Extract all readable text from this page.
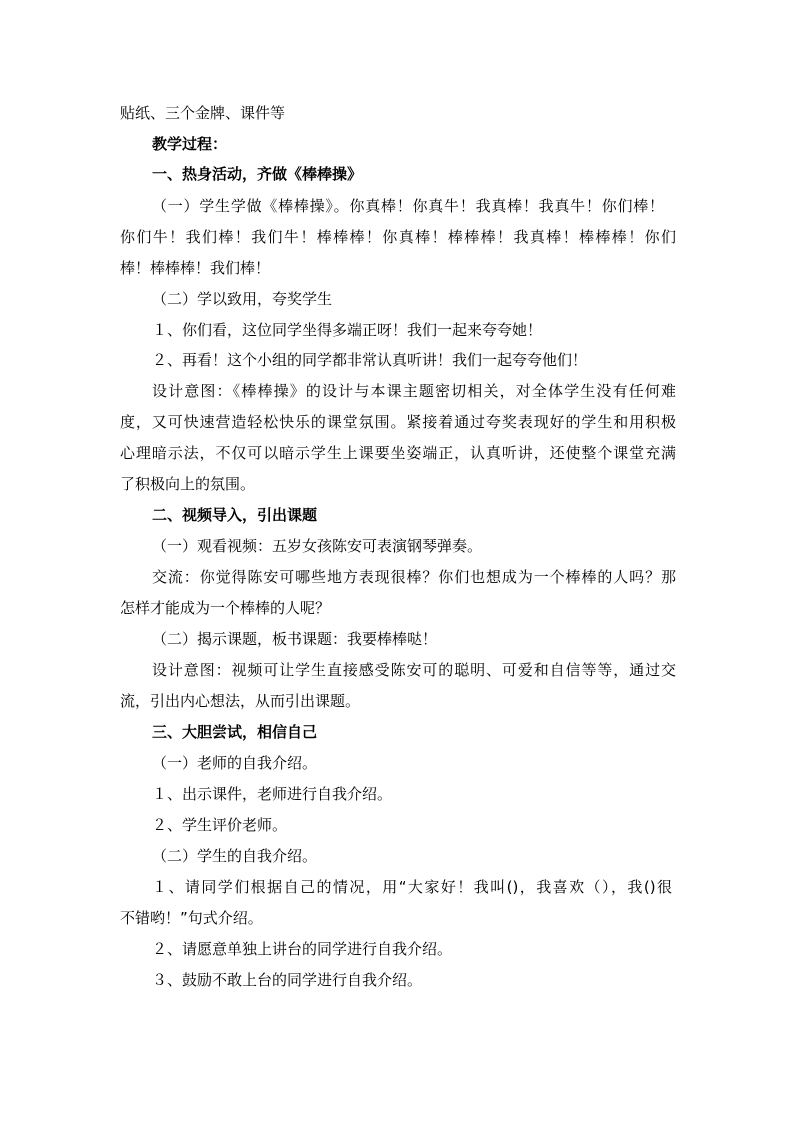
贴纸、三个金牌、课件等
教学过程：
一、热身活动，齐做《棒棒操》
（一）学生学做《棒棒操》。你真棒！你真牛！我真棒！我真牛！你们棒！
你们牛！我们棒！我们牛！棒棒棒！你真棒！棒棒棒！我真棒！棒棒棒！你们
棒！棒棒棒！我们棒！
（二）学以致用，夸奖学生
１、你们看，这位同学坐得多端正呀！我们一起来夸夸她！
２、再看！这个小组的同学都非常认真听讲！我们一起夸夸他们！
设计意图：《棒棒操》的设计与本课主题密切相关，对全体学生没有任何难
度，又可快速营造轻松快乐的课堂氛围。紧接着通过夸奖表现好的学生和用积极
心理暗示法，不仅可以暗示学生上课要坐姿端正，认真听讲，还使整个课堂充满
了积极向上的氛围。
二、视频导入，引出课题
（一）观看视频：五岁女孩陈安可表演钢琴弹奏。
交流：你觉得陈安可哪些地方表现很棒？你们也想成为一个棒棒的人吗？那
怎样才能成为一个棒棒的人呢？
（二）揭示课题，板书课题：我要棒棒哒！
设计意图：视频可让学生直接感受陈安可的聪明、可爱和自信等等，通过交
流，引出内心想法，从而引出课题。
三、大胆尝试，相信自己
（一）老师的自我介绍。
１、出示课件，老师进行自我介绍。
２、学生评价老师。
（二）学生的自我介绍。
１、请同学们根据自己的情况，用“大家好！我叫()，我喜欢（），我()很
不错哟！”句式介绍。
２、请愿意单独上讲台的同学进行自我介绍。
３、鼓励不敢上台的同学进行自我介绍。
